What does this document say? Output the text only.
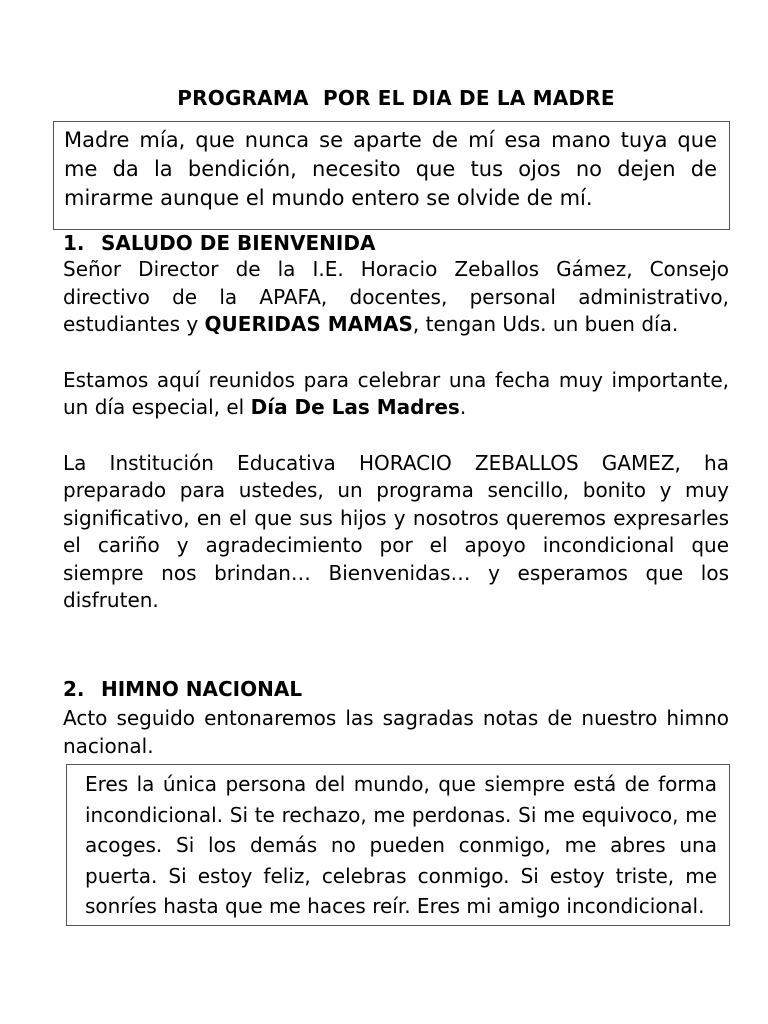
PROGRAMA  POR EL DIA DE LA MADRE

Madre mía, que nunca se aparte de mí esa mano tuya que me da la bendición, necesito que tus ojos no dejen de mirarme aunque el mundo entero se olvide de mí.

1. SALUDO DE BIENVENIDA

Señor Director de la I.E. Horacio Zeballos Gámez, Consejo directivo de la APAFA, docentes, personal administrativo, estudiantes y QUERIDAS MAMAS, tengan Uds. un buen día.

Estamos aquí reunidos para celebrar una fecha muy importante, un día especial, el Día De Las Madres.

La Institución Educativa HORACIO ZEBALLOS GAMEZ, ha preparado para ustedes, un programa sencillo, bonito y muy significativo, en el que sus hijos y nosotros queremos expresarles el cariño y agradecimiento por el apoyo incondicional que siempre nos brindan… Bienvenidas… y esperamos que los disfruten.

2. HIMNO NACIONAL

Acto seguido entonaremos las sagradas notas de nuestro himno nacional.

Eres la única persona del mundo, que siempre está de forma incondicional. Si te rechazo, me perdonas. Si me equivoco, me acoges. Si los demás no pueden conmigo, me abres una puerta. Si estoy feliz, celebras conmigo. Si estoy triste, me sonríes hasta que me haces reír. Eres mi amigo incondicional.
